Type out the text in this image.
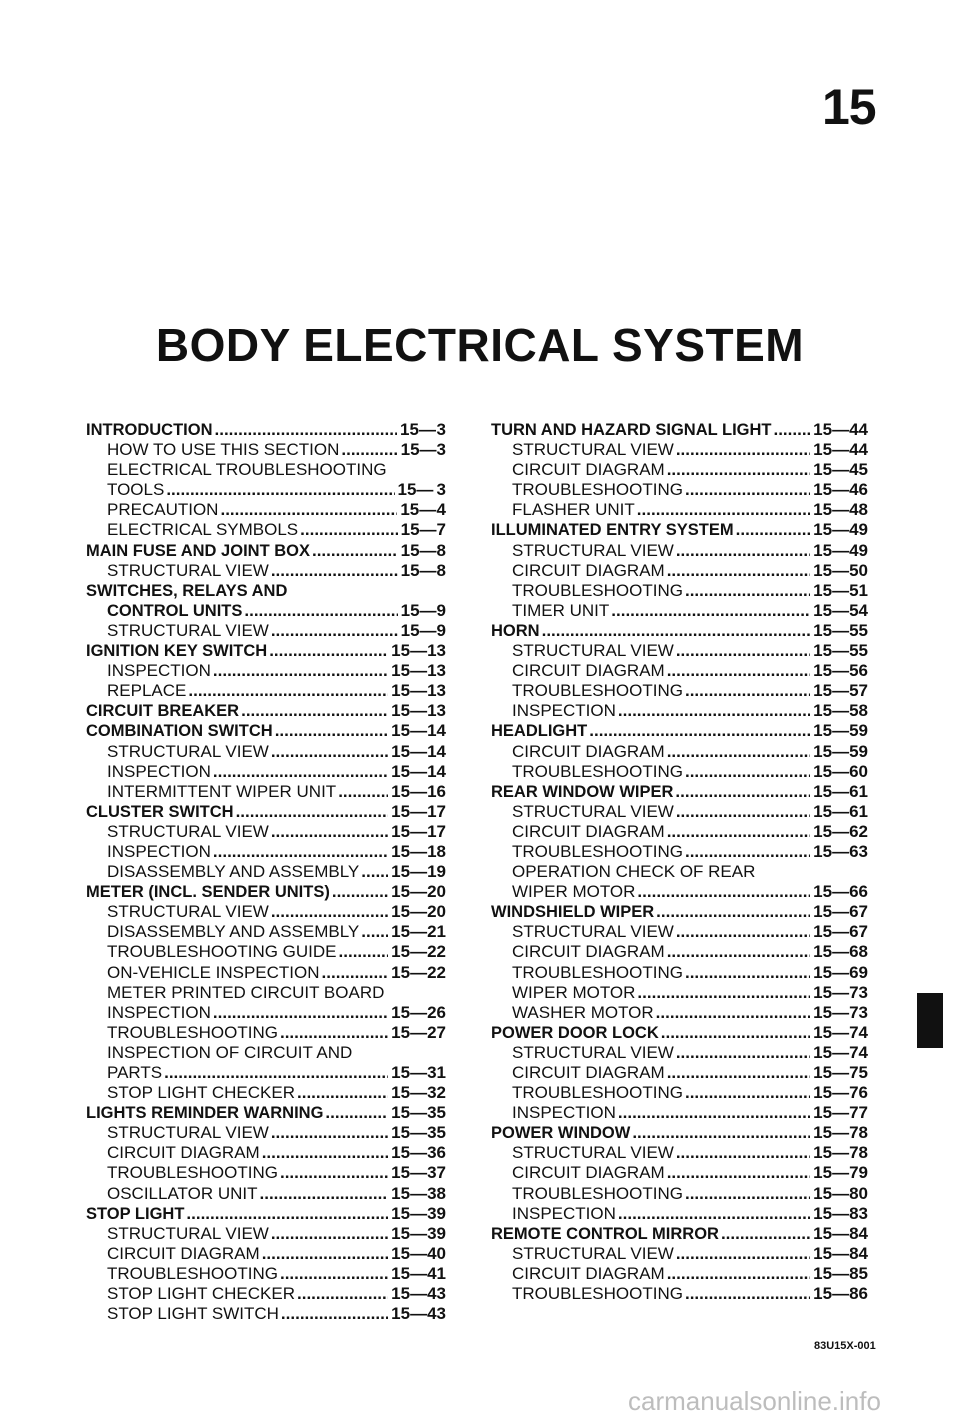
15
BODY ELECTRICAL SYSTEM
INTRODUCTION .....	15— 3
HOW TO USE THIS SECTION .....	15— 3
ELECTRICAL TROUBLESHOOTING
TOOLS .....	15— 3
PRECAUTION .....	15— 4
ELECTRICAL SYMBOLS .....	15— 7
MAIN FUSE AND JOINT BOX .....	15— 8
STRUCTURAL VIEW .....	15— 8
SWITCHES, RELAYS AND
CONTROL UNITS .....	15— 9
STRUCTURAL VIEW .....	15— 9
IGNITION KEY SWITCH .....	15— 13
INSPECTION .....	15— 13
REPLACE .....	15— 13
CIRCUIT BREAKER .....	15— 13
COMBINATION SWITCH .....	15— 14
STRUCTURAL VIEW .....	15— 14
INSPECTION .....	15— 14
INTERMITTENT WIPER UNIT .....	15— 16
CLUSTER SWITCH .....	15— 17
STRUCTURAL VIEW .....	15— 17
INSPECTION .....	15— 18
DISASSEMBLY AND ASSEMBLY ..... 15— 19
METER (INCL. SENDER UNITS) .....	15— 20
STRUCTURAL VIEW .....	15— 20
DISASSEMBLY AND ASSEMBLY ..... 15— 21
TROUBLESHOOTING GUIDE .....	15— 22
ON-VEHICLE INSPECTION .....	15— 22
METER PRINTED CIRCUIT BOARD
INSPECTION .....	15— 26
TROUBLESHOOTING .....	15— 27
INSPECTION OF CIRCUIT AND
PARTS .....	15— 31
STOP LIGHT CHECKER .....	15— 32
LIGHTS REMINDER WARNING .....	15— 35
STRUCTURAL VIEW .....	15— 35
CIRCUIT DIAGRAM .....	15— 36
TROUBLESHOOTING .....	15— 37
OSCILLATOR UNIT .....	15— 38
STOP LIGHT .....	15— 39
STRUCTURAL VIEW .....	15— 39
CIRCUIT DIAGRAM .....	15— 40
TROUBLESHOOTING .....	15— 41
STOP LIGHT CHECKER .....	15— 43
STOP LIGHT SWITCH .....	15— 43
TURN AND HAZARD SIGNAL LIGHT ..... 15— 44
STRUCTURAL VIEW .....	15— 44
CIRCUIT DIAGRAM .....	15— 45
TROUBLESHOOTING .....	15— 46
FLASHER UNIT .....	15— 48
ILLUMINATED ENTRY SYSTEM .....	15— 49
STRUCTURAL VIEW .....	15— 49
CIRCUIT DIAGRAM .....	15— 50
TROUBLESHOOTING .....	15— 51
TIMER UNIT .....	15— 54
HORN .....	15— 55
STRUCTURAL VIEW .....	15— 55
CIRCUIT DIAGRAM .....	15— 56
TROUBLESHOOTING .....	15— 57
INSPECTION .....	15— 58
HEADLIGHT .....	15— 59
CIRCUIT DIAGRAM .....	15— 59
TROUBLESHOOTING .....	15— 60
REAR WINDOW WIPER .....	15— 61
STRUCTURAL VIEW .....	15— 61
CIRCUIT DIAGRAM .....	15— 62
TROUBLESHOOTING .....	15— 63
OPERATION CHECK OF REAR
WIPER MOTOR .....	15— 66
WINDSHIELD WIPER .....	15— 67
STRUCTURAL VIEW .....	15— 67
CIRCUIT DIAGRAM .....	15— 68
TROUBLESHOOTING .....	15— 69
WIPER MOTOR .....	15— 73
WASHER MOTOR .....	15— 73
POWER DOOR LOCK .....	15— 74
STRUCTURAL VIEW .....	15— 74
CIRCUIT DIAGRAM .....	15— 75
TROUBLESHOOTING .....	15— 76
INSPECTION .....	15— 77
POWER WINDOW .....	15— 78
STRUCTURAL VIEW .....	15— 78
CIRCUIT DIAGRAM .....	15— 79
TROUBLESHOOTING .....	15— 80
INSPECTION .....	15— 83
REMOTE CONTROL MIRROR .....	15— 84
STRUCTURAL VIEW .....	15— 84
CIRCUIT DIAGRAM .....	15— 85
TROUBLESHOOTING .....	15— 86
83U15X-001
carmanualsonline.info
